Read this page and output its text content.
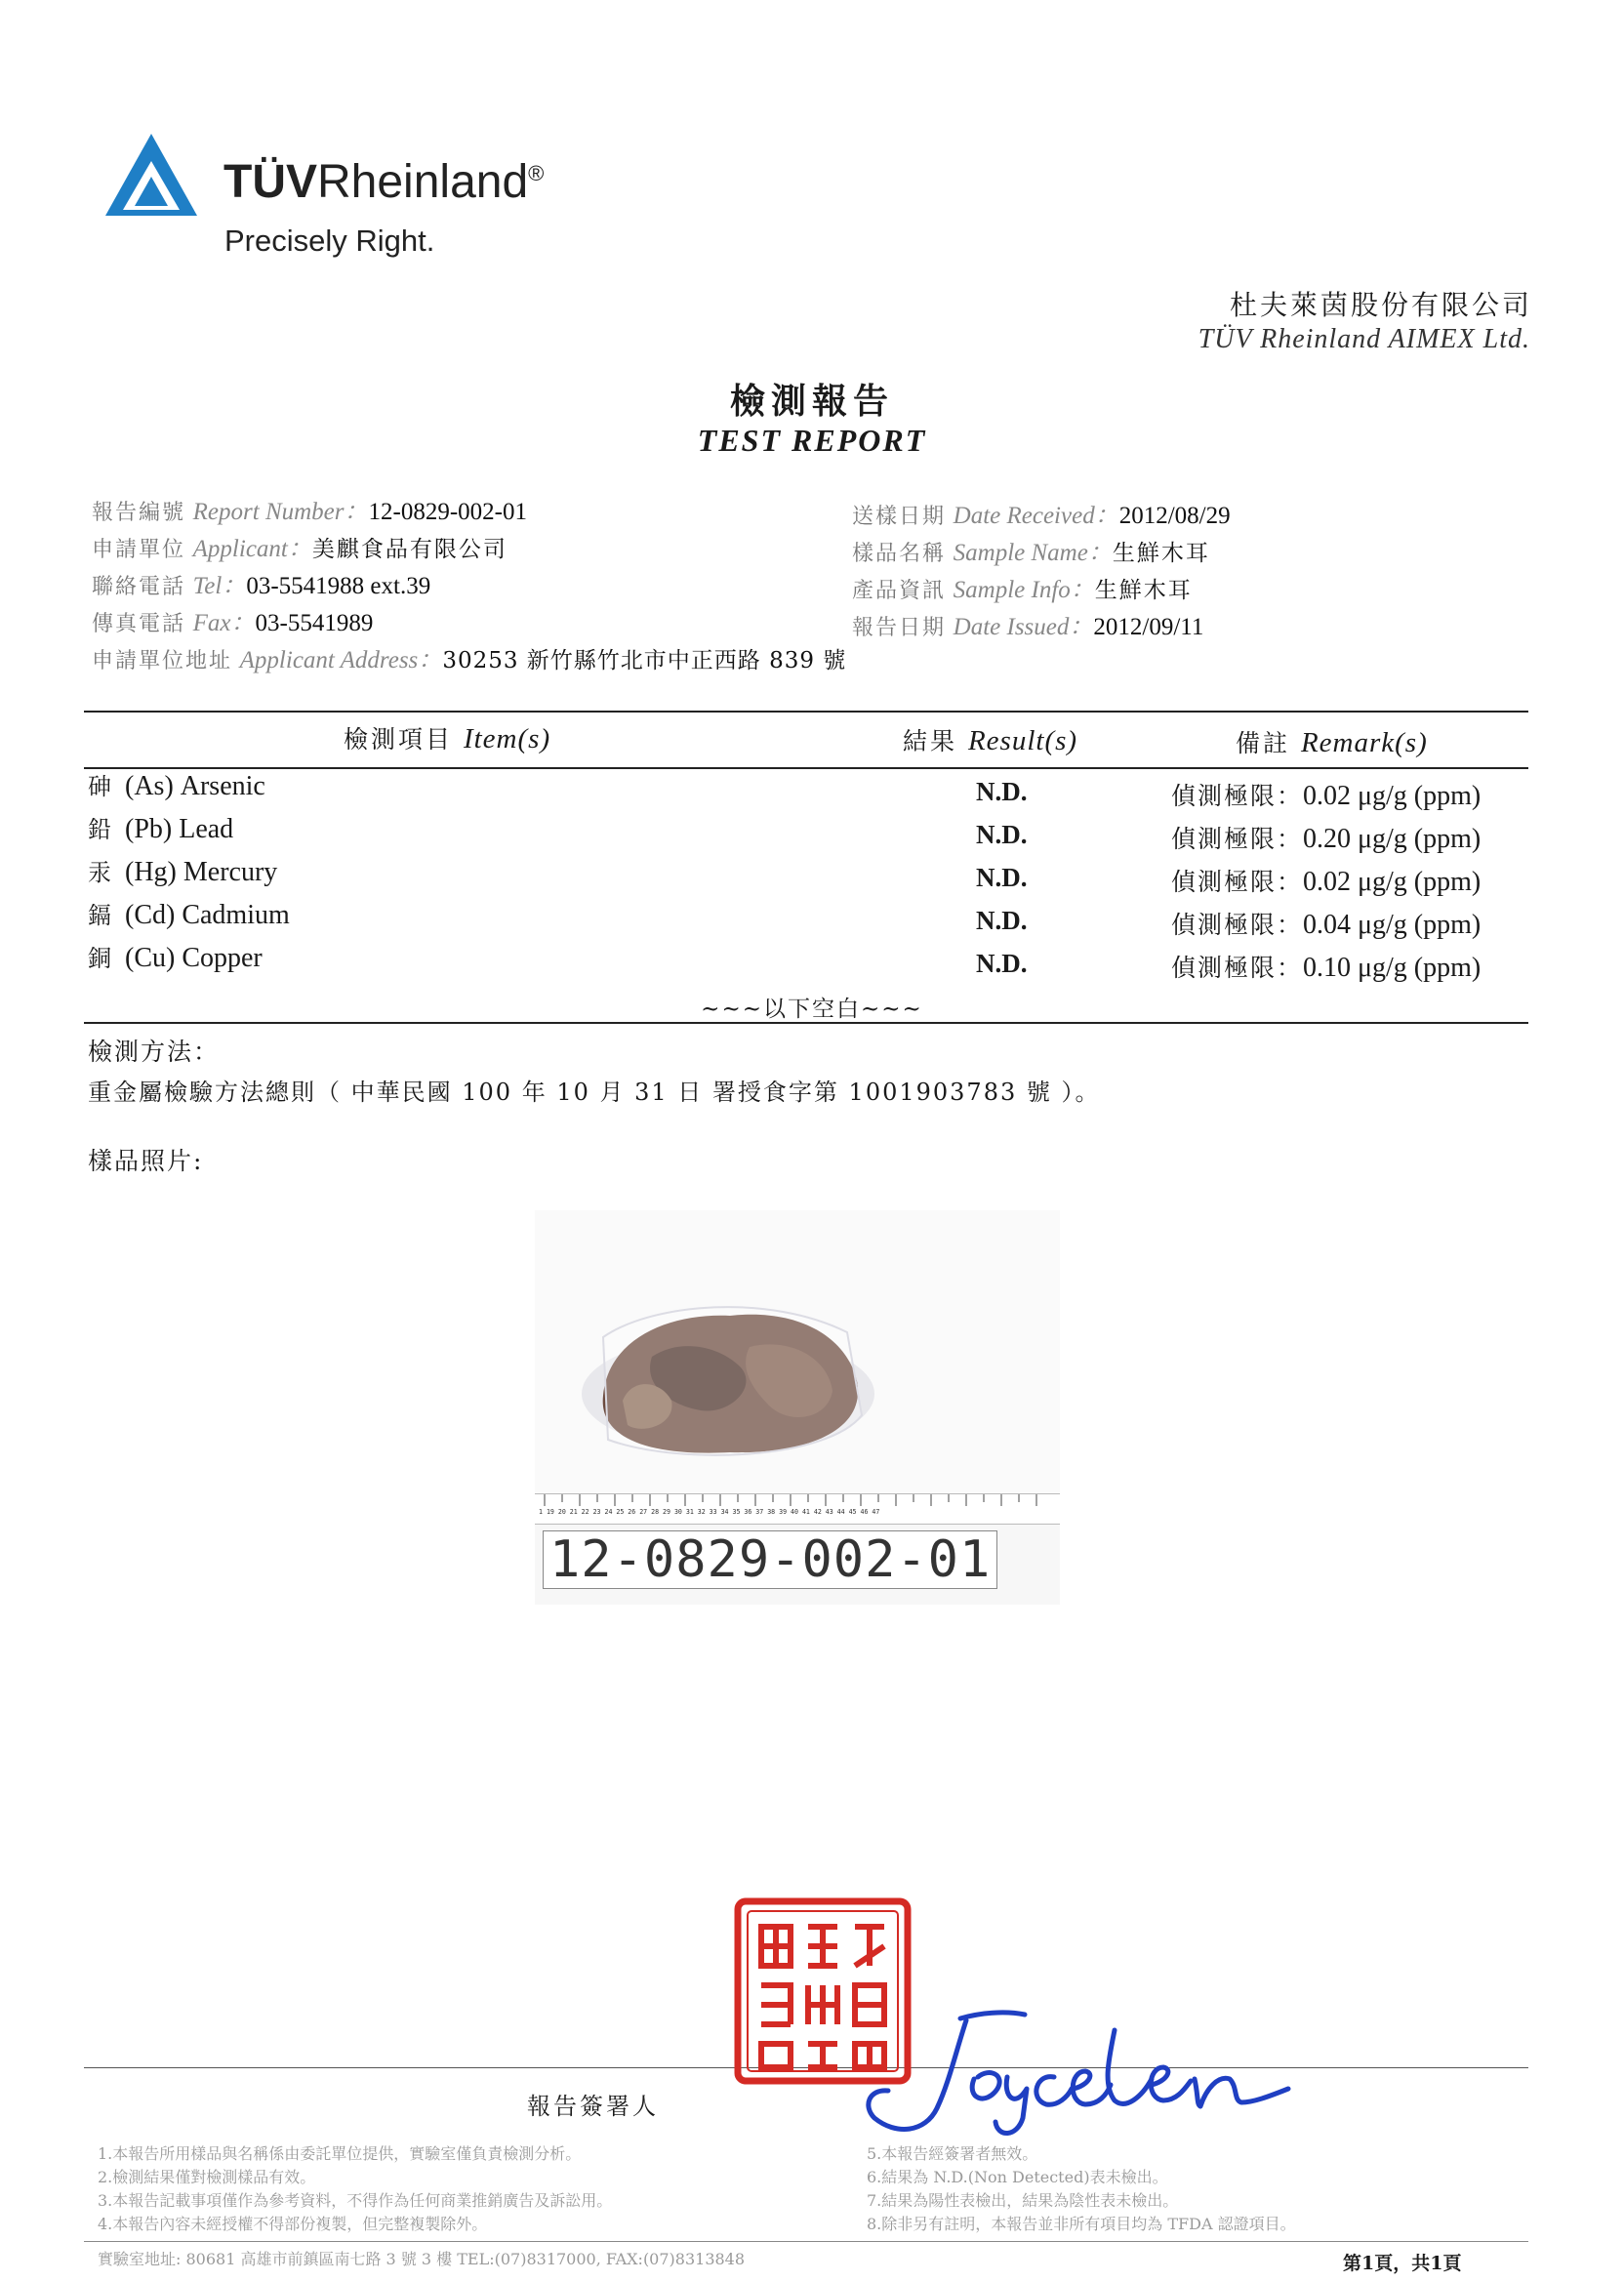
TÜVRheinland®
Precisely Right.
杜夫萊茵股份有限公司
TÜV Rheinland AIMEX Ltd.
檢測報告
TEST REPORT
報告編號 Report Number：12-0829-002-01
申請單位 Applicant：美麒食品有限公司
聯絡電話 Tel：03-5541988 ext.39
傳真電話 Fax：03-5541989
申請單位地址 Applicant Address：30253 新竹縣竹北市中正西路 839 號
送樣日期 Date Received：2012/08/29
樣品名稱 Sample Name：生鮮木耳
產品資訊 Sample Info：生鮮木耳
報告日期 Date Issued：2012/09/11
檢測項目 Item(s)	結果 Result(s)	備註 Remark(s)
砷 (As) Arsenic	N.D.	偵測極限：0.02 μg/g (ppm)
鉛 (Pb) Lead	N.D.	偵測極限：0.20 μg/g (ppm)
汞 (Hg) Mercury	N.D.	偵測極限：0.02 μg/g (ppm)
鎘 (Cd) Cadmium	N.D.	偵測極限：0.04 μg/g (ppm)
銅 (Cu) Copper	N.D.	偵測極限：0.10 μg/g (ppm)
~~~以下空白~~~
檢測方法：
重金屬檢驗方法總則（ 中華民國 100 年 10 月 31 日 署授食字第 1001903783 號 ）。
樣品照片:
1 19 20 21 22 23 24 25 26 27 28 29 30 31 32 33 34 35 36 37 38 39 40 41 42 43 44 45 46 47
12-0829-002-01
Joycechen
報告簽署人
1.本報告所用樣品與名稱係由委託單位提供，實驗室僅負責檢測分析。
2.檢測結果僅對檢測樣品有效。
3.本報告記載事項僅作為參考資料，不得作為任何商業推銷廣告及訴訟用。
4.本報告內容未經授權不得部份複製，但完整複製除外。
5.本報告經簽署者無效。
6.結果為 N.D.(Non Detected)表未檢出。
7.結果為陽性表檢出，結果為陰性表未檢出。
8.除非另有註明，本報告並非所有項目均為 TFDA 認證項目。
實驗室地址: 80681 高雄市前鎮區南七路 3 號 3 樓 TEL:(07)8317000, FAX:(07)8313848	第1頁，共1頁
